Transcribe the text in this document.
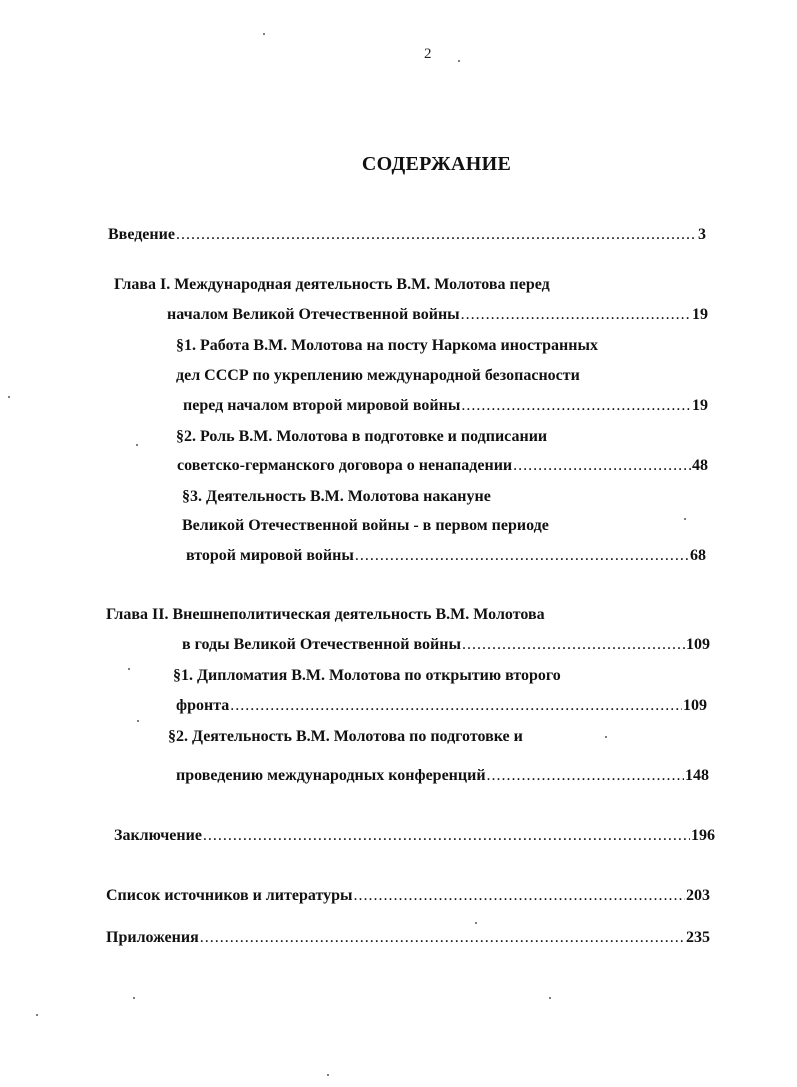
2
СОДЕРЖАНИЕ
Введение .....	3
Глава I. Международная деятельность В.М. Молотова перед
началом Великой Отечественной войны .....	19
§1. Работа В.М. Молотова на посту Наркома иностранных
дел СССР по укреплению международной безопасности
перед началом второй мировой войны .....	19
§2. Роль В.М. Молотова в подготовке и подписании
советско-германского договора о ненападении .....	48
§3. Деятельность В.М. Молотова накануне
Великой Отечественной войны - в первом периоде
второй мировой войны .....	68
Глава II. Внешнеполитическая деятельность В.М. Молотова
в годы Великой Отечественной войны .....	109
§1. Дипломатия В.М. Молотова по открытию второго
фронта .....	109
§2. Деятельность В.М. Молотова по подготовке и
проведению международных конференций .....	148
Заключение .....	196
Список источников и литературы .....	203
Приложения .....	235
